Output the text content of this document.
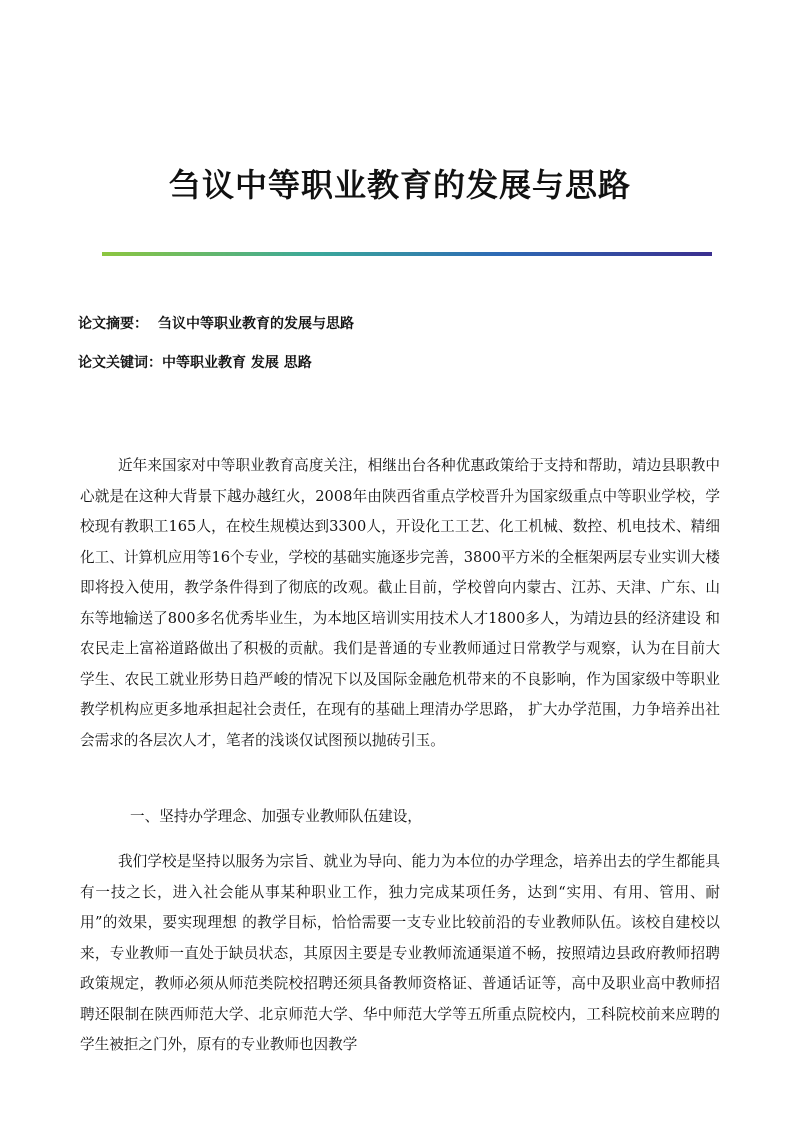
刍议中等职业教育的发展与思路
论文摘要： 刍议中等职业教育的发展与思路
论文关键词：中等职业教育 发展 思路
近年来国家对中等职业教育高度关注，相继出台各种优惠政策给于支持和帮助，靖边县职教中心就是在这种大背景下越办越红火，2008年由陕西省重点学校晋升为国家级重点中等职业学校，学校现有教职工165人，在校生规模达到3300人，开设化工工艺、化工机械、数控、机电技术、精细化工、计算机应用等16个专业，学校的基础实施逐步完善，3800平方米的全框架两层专业实训大楼即将投入使用，教学条件得到了彻底的改观。截止目前，学校曾向内蒙古、江苏、天津、广东、山东等地输送了800多名优秀毕业生，为本地区培训实用技术人才1800多人，为靖边县的经济建设 和农民走上富裕道路做出了积极的贡献。我们是普通的专业教师通过日常教学与观察，认为在目前大学生、农民工就业形势日趋严峻的情况下以及国际金融危机带来的不良影响，作为国家级中等职业教学机构应更多地承担起社会责任，在现有的基础上理清办学思路， 扩大办学范围，力争培养出社会需求的各层次人才，笔者的浅谈仅试图预以抛砖引玉。
一、坚持办学理念、加强专业教师队伍建设，
我们学校是坚持以服务为宗旨、就业为导向、能力为本位的办学理念，培养出去的学生都能具有一技之长，进入社会能从事某种职业工作，独力完成某项任务，达到“实用、有用、管用、耐用”的效果，要实现理想 的教学目标，恰恰需要一支专业比较前沿的专业教师队伍。该校自建校以来，专业教师一直处于缺员状态，其原因主要是专业教师流通渠道不畅，按照靖边县政府教师招聘政策规定，教师必须从师范类院校招聘还须具备教师资格证、普通话证等，高中及职业高中教师招聘还限制在陕西师范大学、北京师范大学、华中师范大学等五所重点院校内，工科院校前来应聘的学生被拒之门外，原有的专业教师也因教学
